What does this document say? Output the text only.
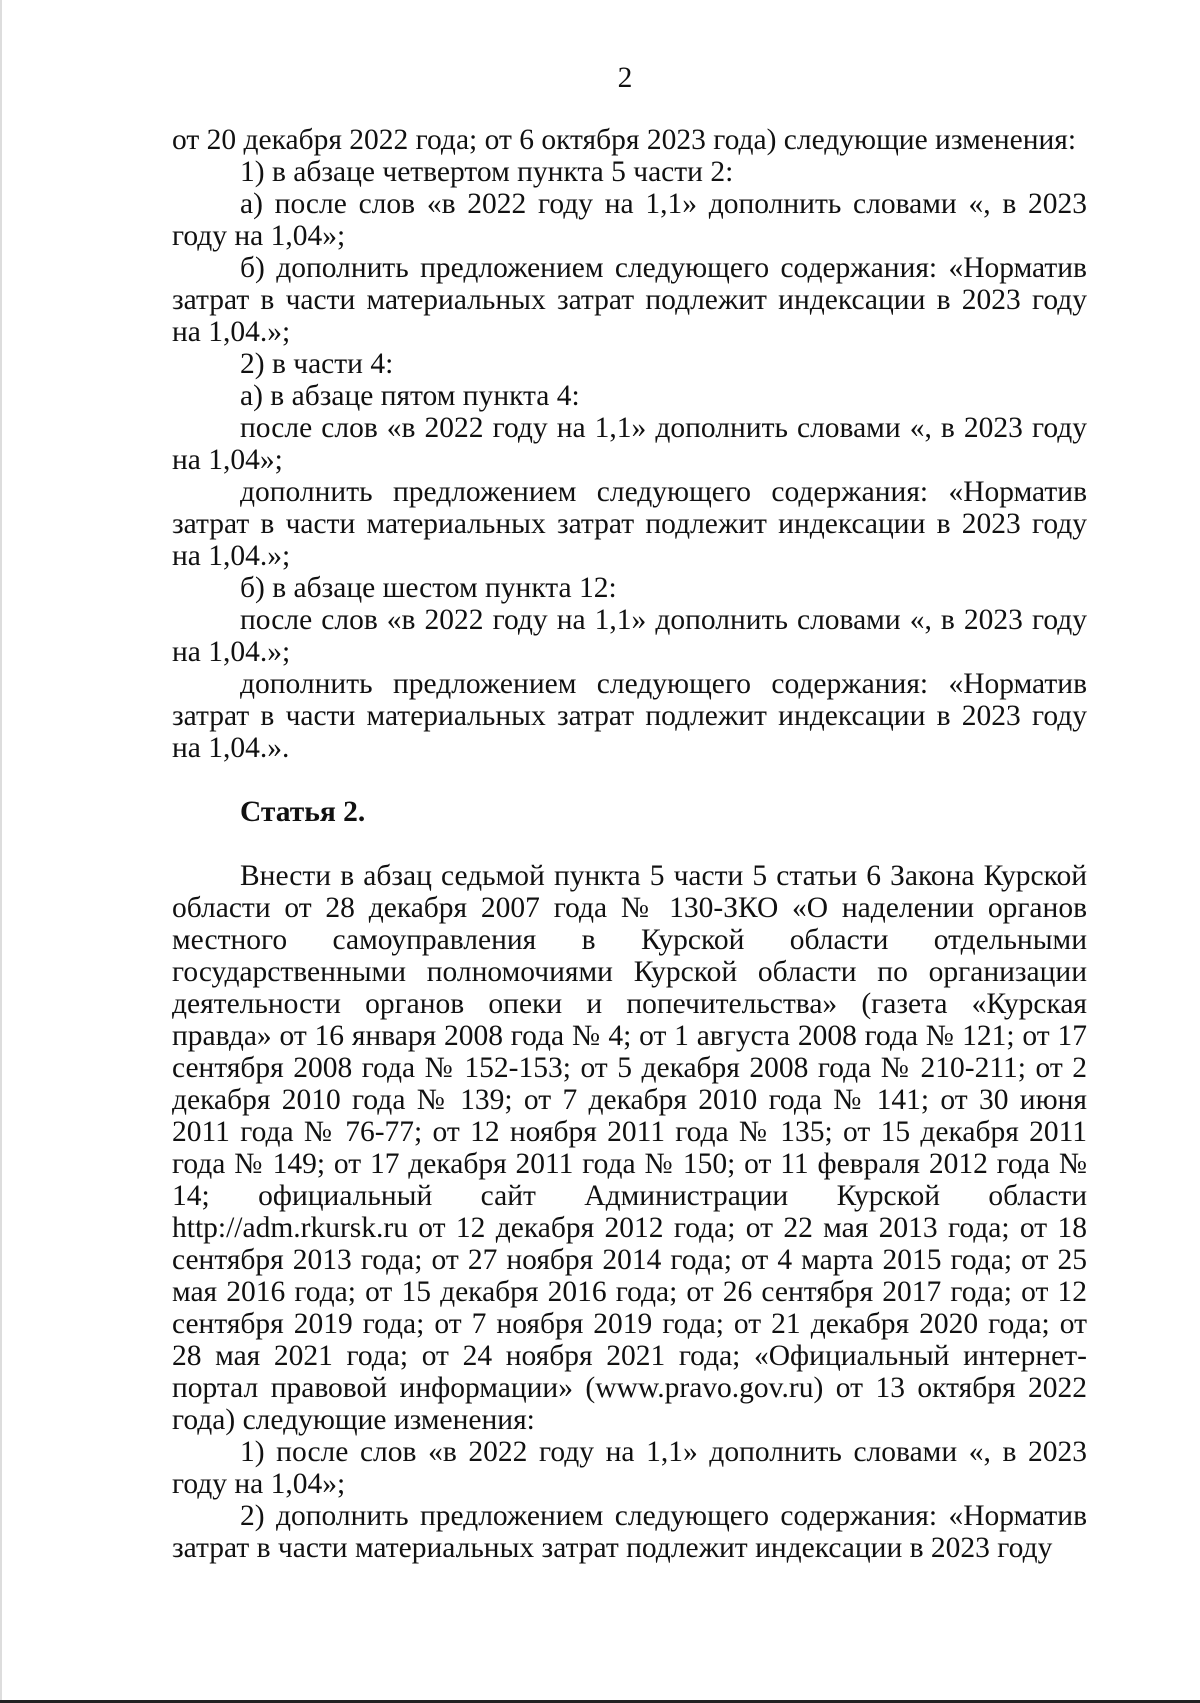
2

от 20 декабря 2022 года; от 6 октября 2023 года) следующие изменения:

1) в абзаце четвертом пункта 5 части 2:

а) после слов «в 2022 году на 1,1» дополнить словами «, в 2023 году на 1,04»;

б) дополнить предложением следующего содержания: «Норматив затрат в части материальных затрат подлежит индексации в 2023 году на 1,04.»;

2) в части 4:

а) в абзаце пятом пункта 4:

после слов «в 2022 году на 1,1» дополнить словами «, в 2023 году на 1,04»;

дополнить предложением следующего содержания: «Норматив затрат в части материальных затрат подлежит индексации в 2023 году на 1,04.»;

б) в абзаце шестом пункта 12:

после слов «в 2022 году на 1,1» дополнить словами «, в 2023 году на 1,04.»;

дополнить предложением следующего содержания: «Норматив затрат в части материальных затрат подлежит индексации в 2023 году на 1,04.».

Статья 2.

Внести в абзац седьмой пункта 5 части 5 статьи 6 Закона Курской области от 28 декабря 2007 года № 130-ЗКО «О наделении органов местного самоуправления в Курской области отдельными государственными полномочиями Курской области по организации деятельности органов опеки и попечительства» (газета «Курская правда» от 16 января 2008 года № 4; от 1 августа 2008 года № 121; от 17 сентября 2008 года № 152-153; от 5 декабря 2008 года № 210-211; от 2 декабря 2010 года № 139; от 7 декабря 2010 года № 141; от 30 июня 2011 года № 76-77; от 12 ноября 2011 года № 135; от 15 декабря 2011 года № 149; от 17 декабря 2011 года № 150; от 11 февраля 2012 года № 14; официальный сайт Администрации Курской области http://adm.rkursk.ru от 12 декабря 2012 года; от 22 мая 2013 года; от 18 сентября 2013 года; от 27 ноября 2014 года; от 4 марта 2015 года; от 25 мая 2016 года; от 15 декабря 2016 года; от 26 сентября 2017 года; от 12 сентября 2019 года; от 7 ноября 2019 года; от 21 декабря 2020 года; от 28 мая 2021 года; от 24 ноября 2021 года; «Официальный интернет-портал правовой информации» (www.pravo.gov.ru) от 13 октября 2022 года) следующие изменения:

1) после слов «в 2022 году на 1,1» дополнить словами «, в 2023 году на 1,04»;

2) дополнить предложением следующего содержания: «Норматив затрат в части материальных затрат подлежит индексации в 2023 году
